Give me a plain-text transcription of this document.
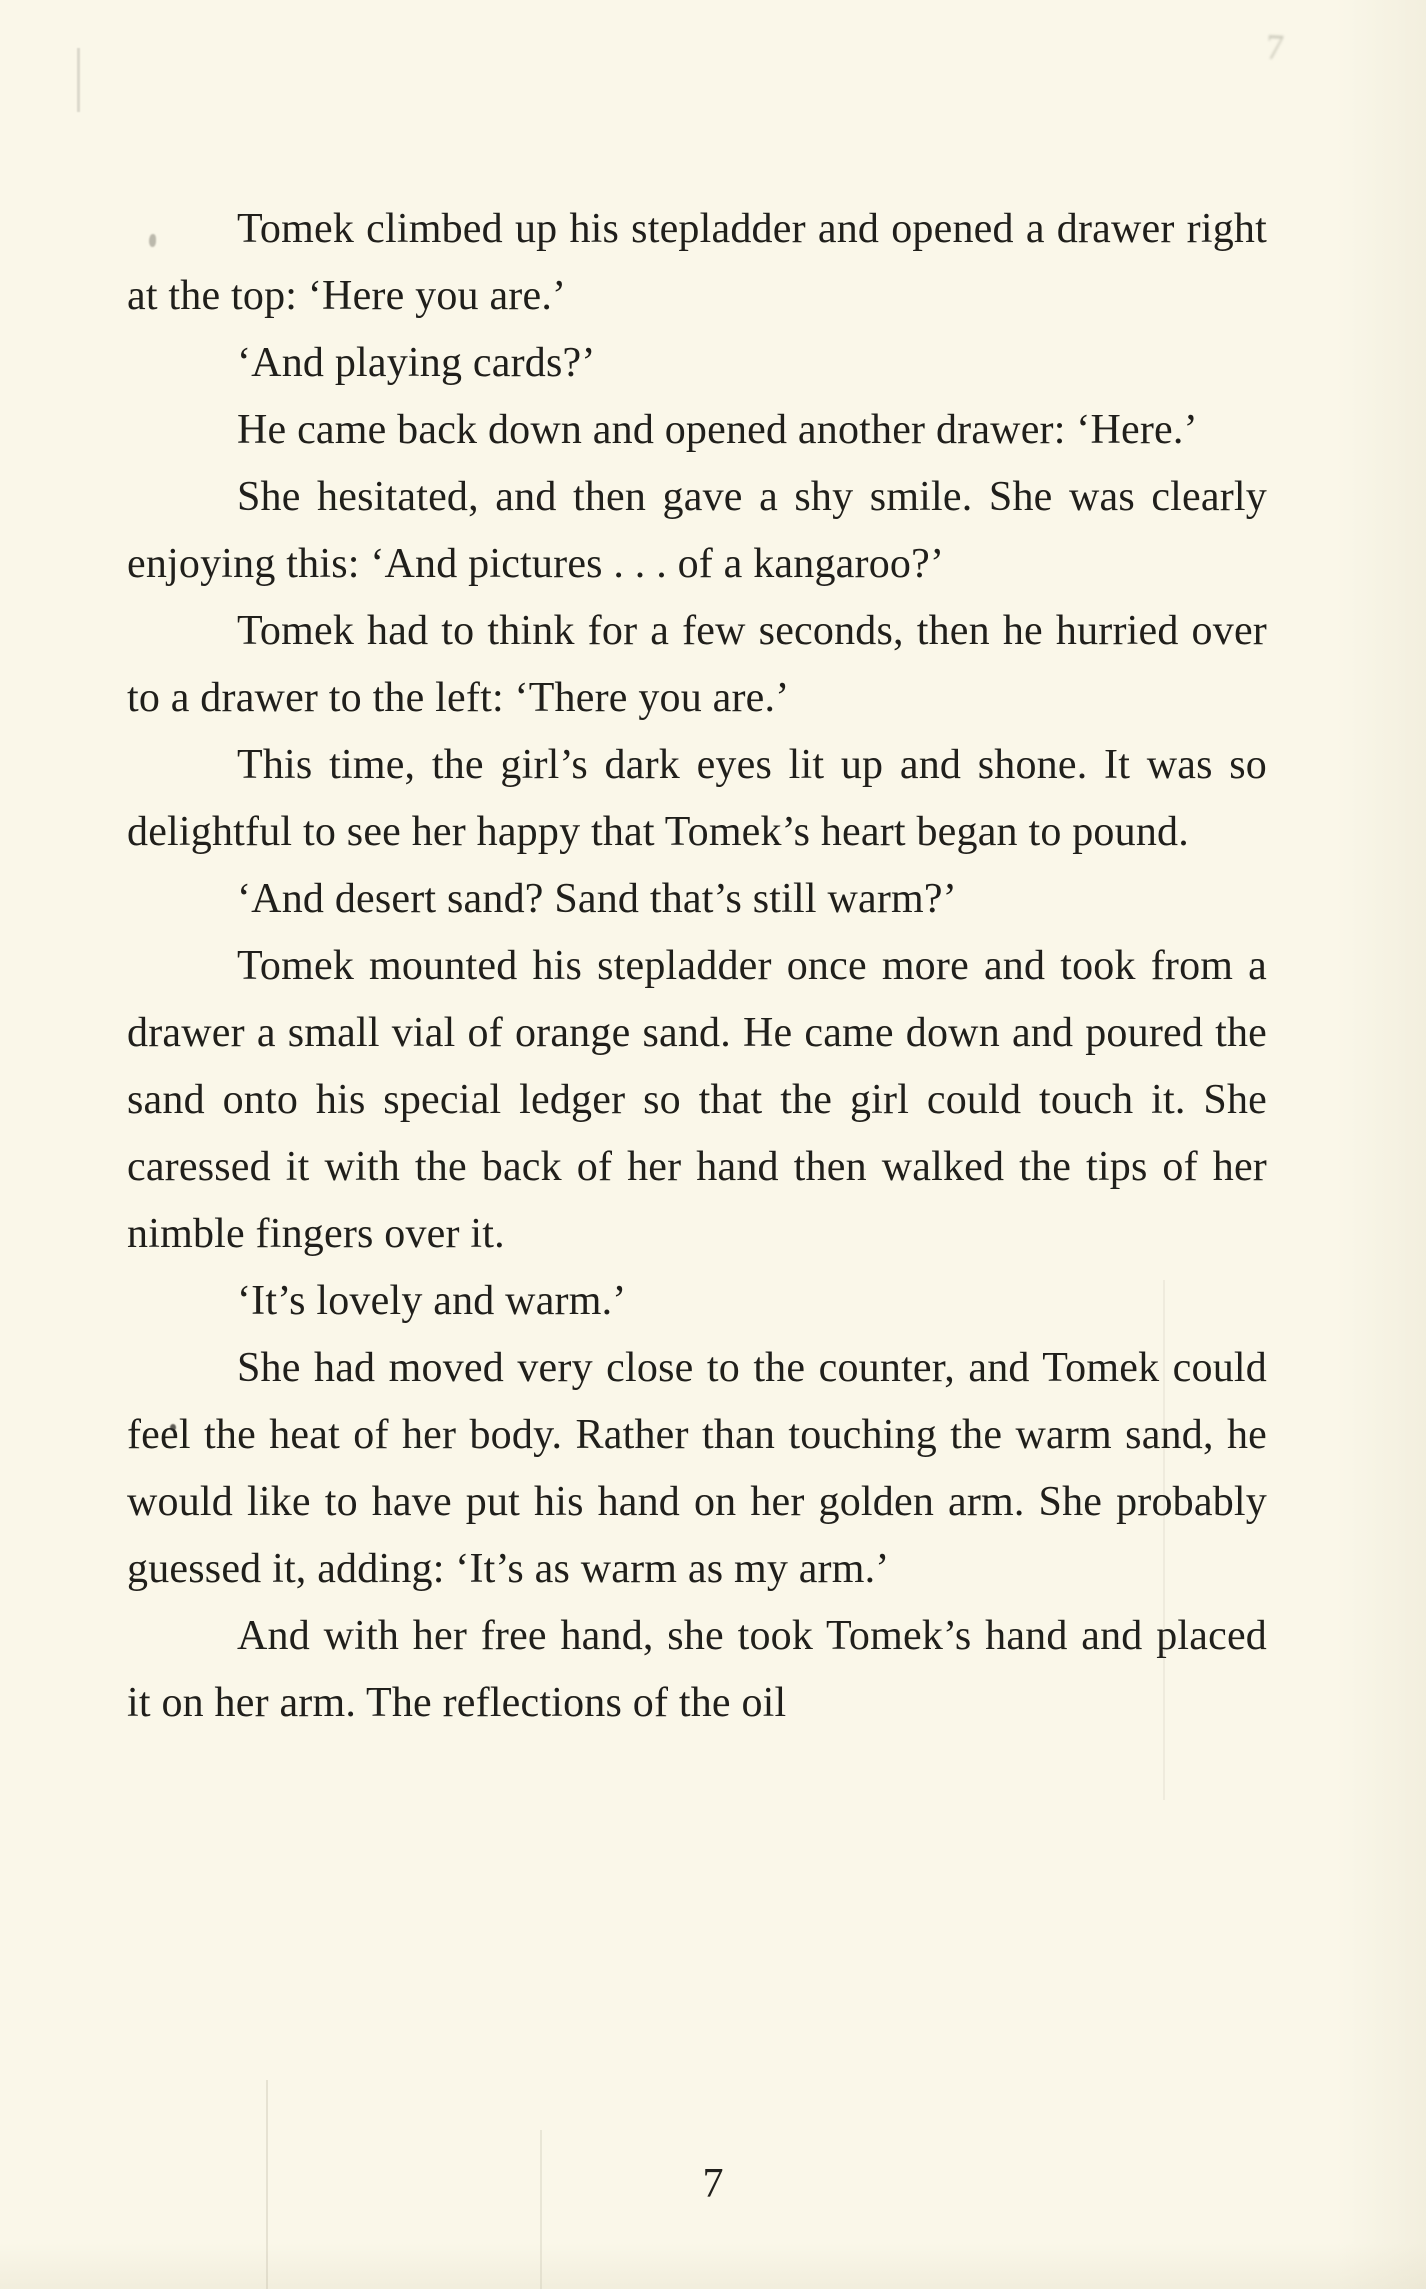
7

Tomek climbed up his stepladder and opened a drawer right at the top: ‘Here you are.’

‘And playing cards?’

He came back down and opened another drawer: ‘Here.’

She hesitated, and then gave a shy smile. She was clearly enjoying this: ‘And pictures . . . of a kangaroo?’

Tomek had to think for a few seconds, then he hurried over to a drawer to the left: ‘There you are.’

This time, the girl’s dark eyes lit up and shone. It was so delightful to see her happy that Tomek’s heart began to pound.

‘And desert sand? Sand that’s still warm?’

Tomek mounted his stepladder once more and took from a drawer a small vial of orange sand. He came down and poured the sand onto his special ledger so that the girl could touch it. She caressed it with the back of her hand then walked the tips of her nimble fingers over it.

‘It’s lovely and warm.’

She had moved very close to the counter, and Tomek could feel the heat of her body. Rather than touching the warm sand, he would like to have put his hand on her golden arm. She probably guessed it, adding: ‘It’s as warm as my arm.’

And with her free hand, she took Tomek’s hand and placed it on her arm. The reflections of the oil

7
